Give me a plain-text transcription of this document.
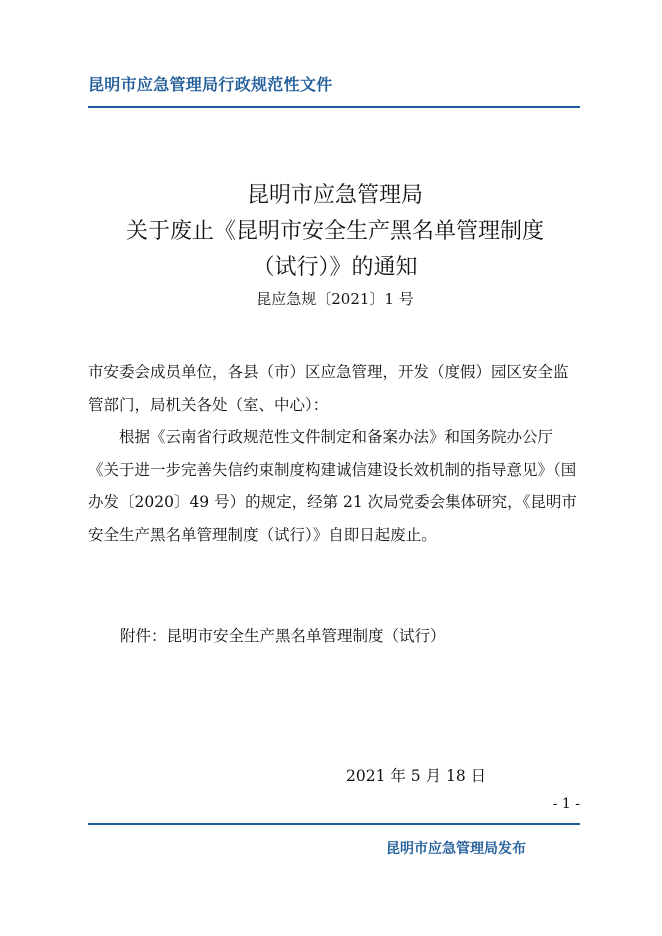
昆明市应急管理局行政规范性文件
昆明市应急管理局
关于废止《昆明市安全生产黑名单管理制度
（试行）》的通知
昆应急规〔2021〕1 号

市安委会成员单位，各县（市）区应急管理，开发（度假）园区安全监管部门，局机关各处（室、中心）：

根据《云南省行政规范性文件制定和备案办法》和国务院办公厅《关于进一步完善失信约束制度构建诚信建设长效机制的指导意见》（国办发〔2020〕49 号）的规定，经第 21 次局党委会集体研究，《昆明市安全生产黑名单管理制度（试行）》自即日起废止。

附件：昆明市安全生产黑名单管理制度（试行）
2021 年 5 月 18 日
- 1 -
昆明市应急管理局发布
